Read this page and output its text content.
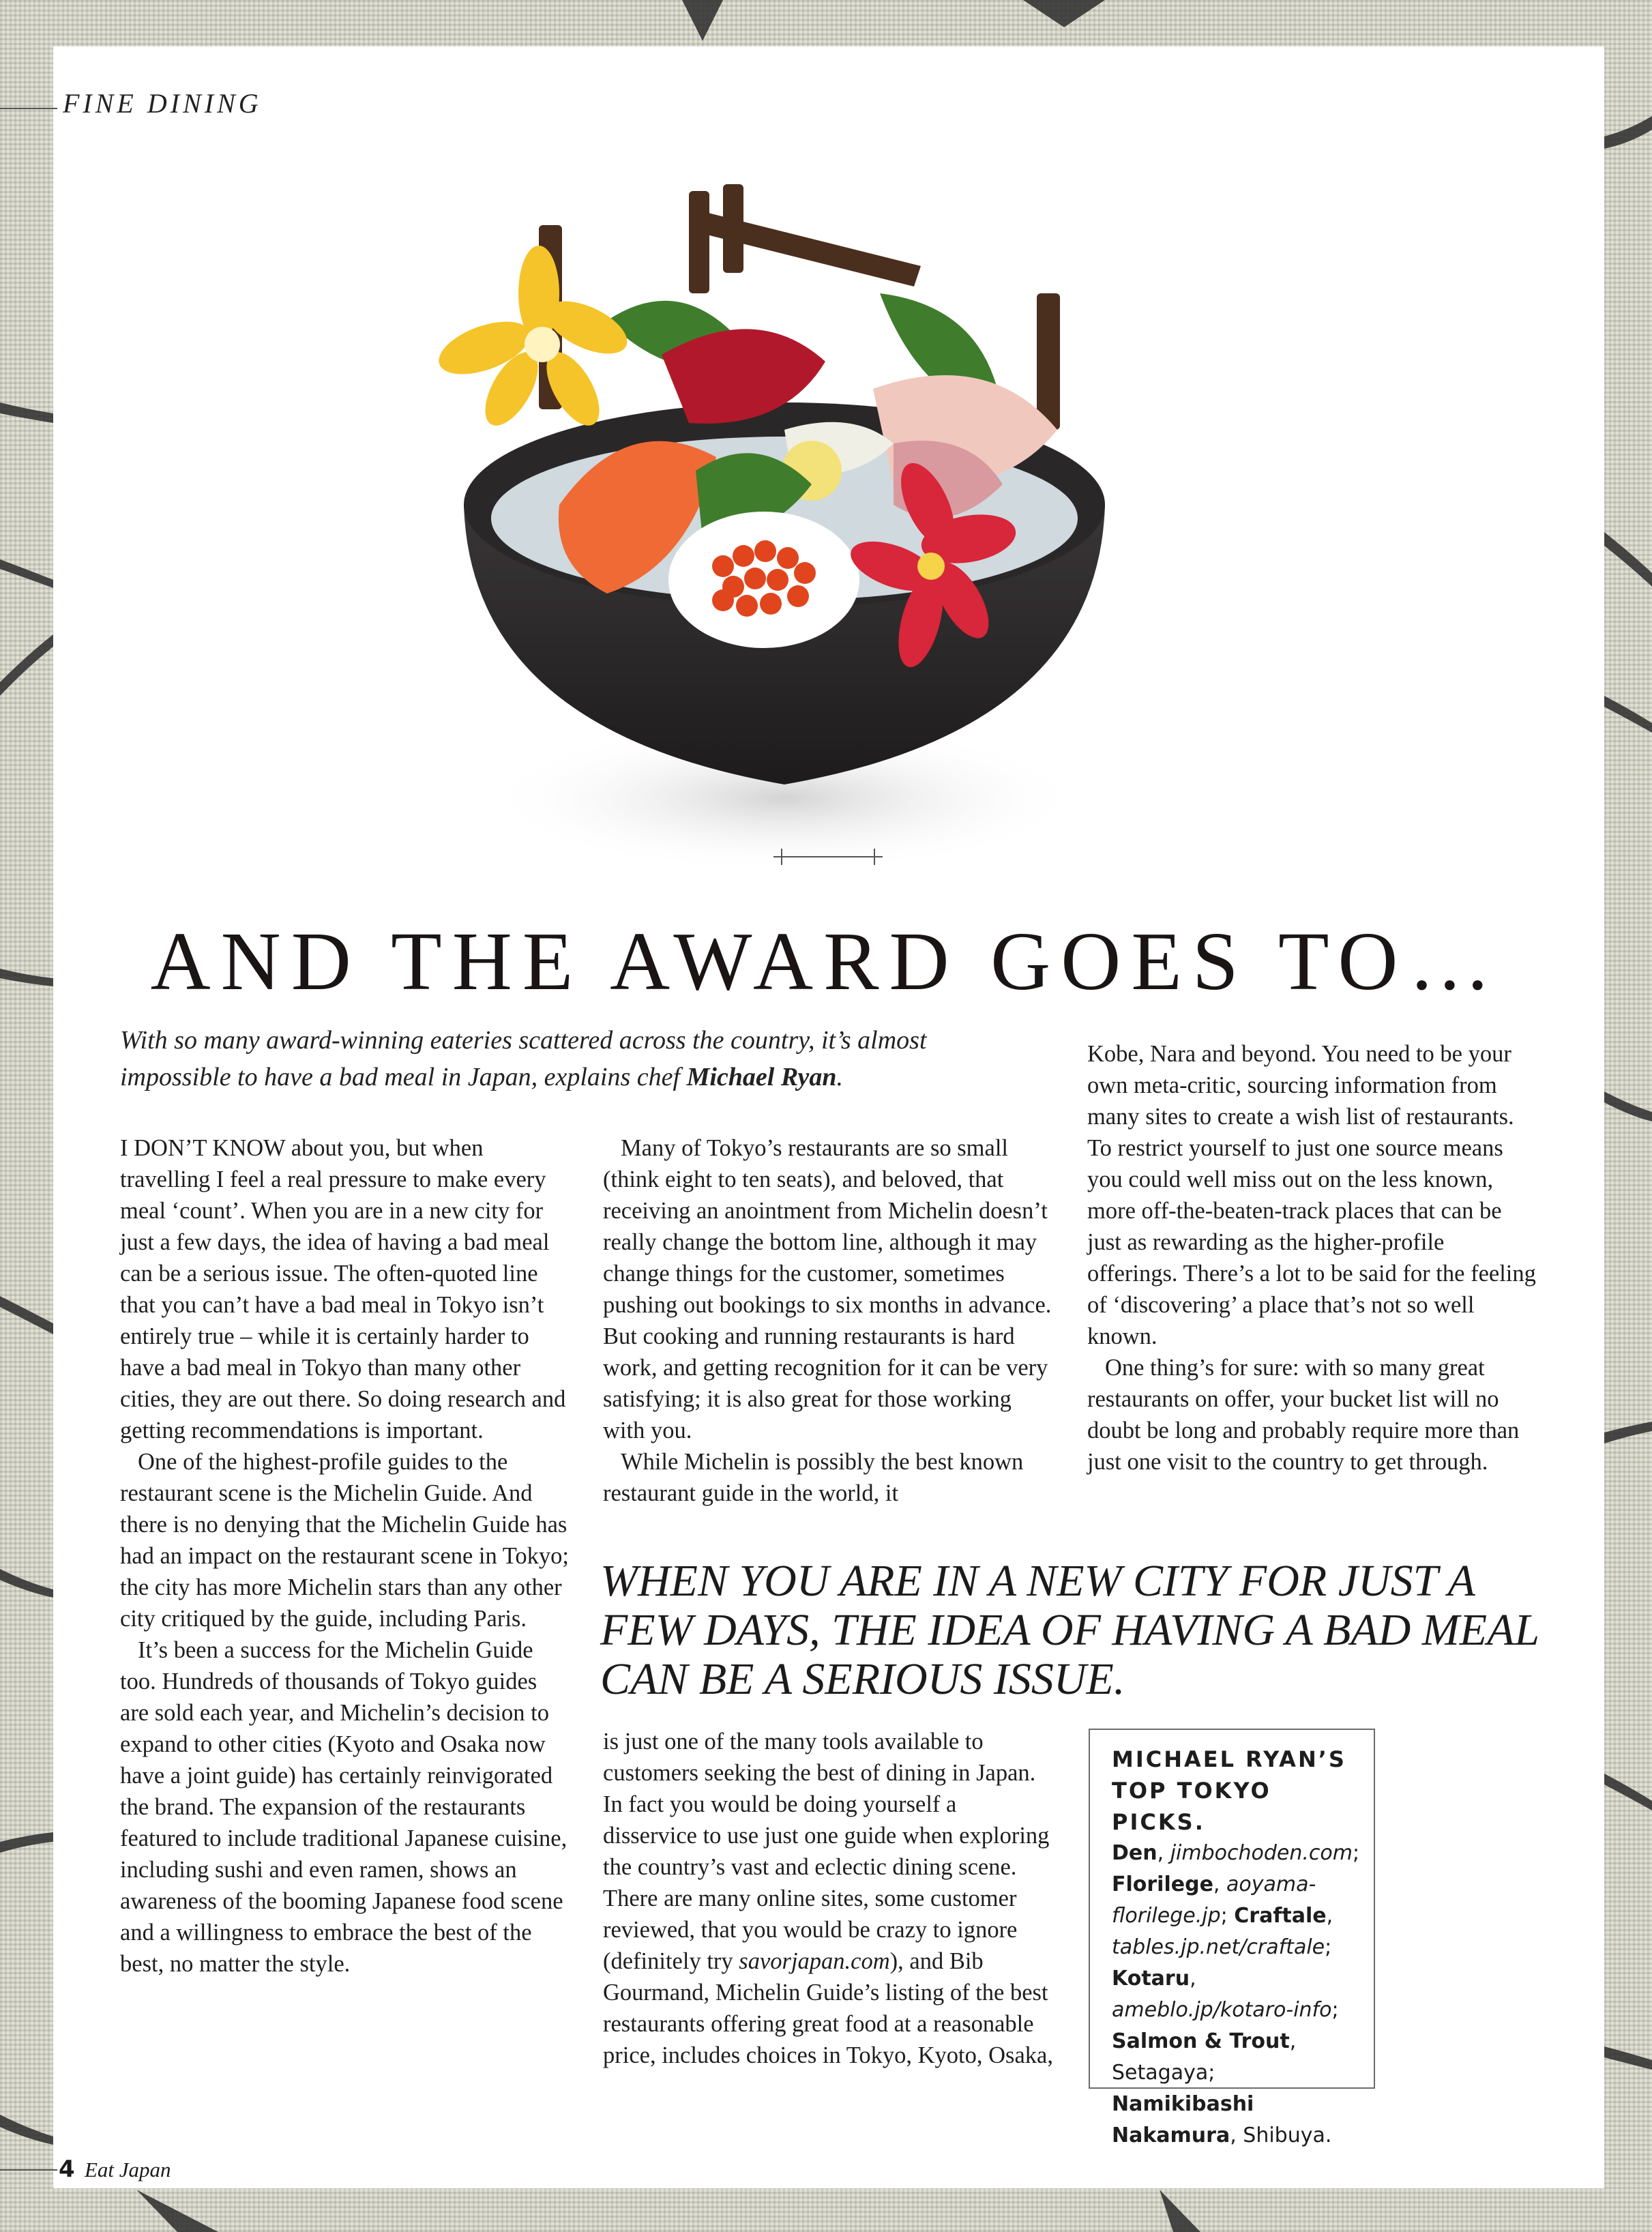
FINE DINING
AND THE AWARD GOES TO…
With so many award-winning eateries scattered across the country, it’s almost impossible to have a bad meal in Japan, explains chef Michael Ryan.

I DON’T KNOW about you, but when travelling I feel a real pressure to make every meal ‘count’. When you are in a new city for just a few days, the idea of having a bad meal can be a serious issue. The often-quoted line that you can’t have a bad meal in Tokyo isn’t entirely true – while it is certainly harder to have a bad meal in Tokyo than many other cities, they are out there. So doing research and getting recommendations is important.

One of the highest-profile guides to the restaurant scene is the Michelin Guide. And there is no denying that the Michelin Guide has had an impact on the restaurant scene in Tokyo; the city has more Michelin stars than any other city critiqued by the guide, including Paris.

It’s been a success for the Michelin Guide too. Hundreds of thousands of Tokyo guides are sold each year, and Michelin’s decision to expand to other cities (Kyoto and Osaka now have a joint guide) has certainly reinvigorated the brand. The expansion of the restaurants featured to include traditional Japanese cuisine, including sushi and even ramen, shows an awareness of the booming Japanese food scene and a willingness to embrace the best of the best, no matter the style.

Many of Tokyo’s restaurants are so small (think eight to ten seats), and beloved, that receiving an anointment from Michelin doesn’t really change the bottom line, although it may change things for the customer, sometimes pushing out bookings to six months in advance. But cooking and running restaurants is hard work, and getting recognition for it can be very satisfying; it is also great for those working with you.

While Michelin is possibly the best known restaurant guide in the world, it

WHEN YOU ARE IN A NEW CITY FOR JUST A FEW DAYS, THE IDEA OF HAVING A BAD MEAL CAN BE A SERIOUS ISSUE.

is just one of the many tools available to customers seeking the best of dining in Japan. In fact you would be doing yourself a disservice to use just one guide when exploring the country’s vast and eclectic dining scene. There are many online sites, some customer reviewed, that you would be crazy to ignore (definitely try savorjapan.com), and Bib Gourmand, Michelin Guide’s listing of the best restaurants offering great food at a reasonable price, includes choices in Tokyo, Kyoto, Osaka,

Kobe, Nara and beyond. You need to be your own meta-critic, sourcing information from many sites to create a wish list of restaurants. To restrict yourself to just one source means you could well miss out on the less known, more off-the-beaten-track places that can be just as rewarding as the higher-profile offerings. There’s a lot to be said for the feeling of ‘discovering’ a place that’s not so well known.

One thing’s for sure: with so many great restaurants on offer, your bucket list will no doubt be long and probably require more than just one visit to the country to get through.

MICHAEL RYAN’S TOP TOKYO PICKS.
Den, jimbochoden.com; Florilege, aoyama-florilege.jp; Craftale, tables.jp.net/craftale; Kotaru, ameblo.jp/kotaro-info; Salmon & Trout, Setagaya; Namikibashi Nakamura, Shibuya.
4 Eat Japan
